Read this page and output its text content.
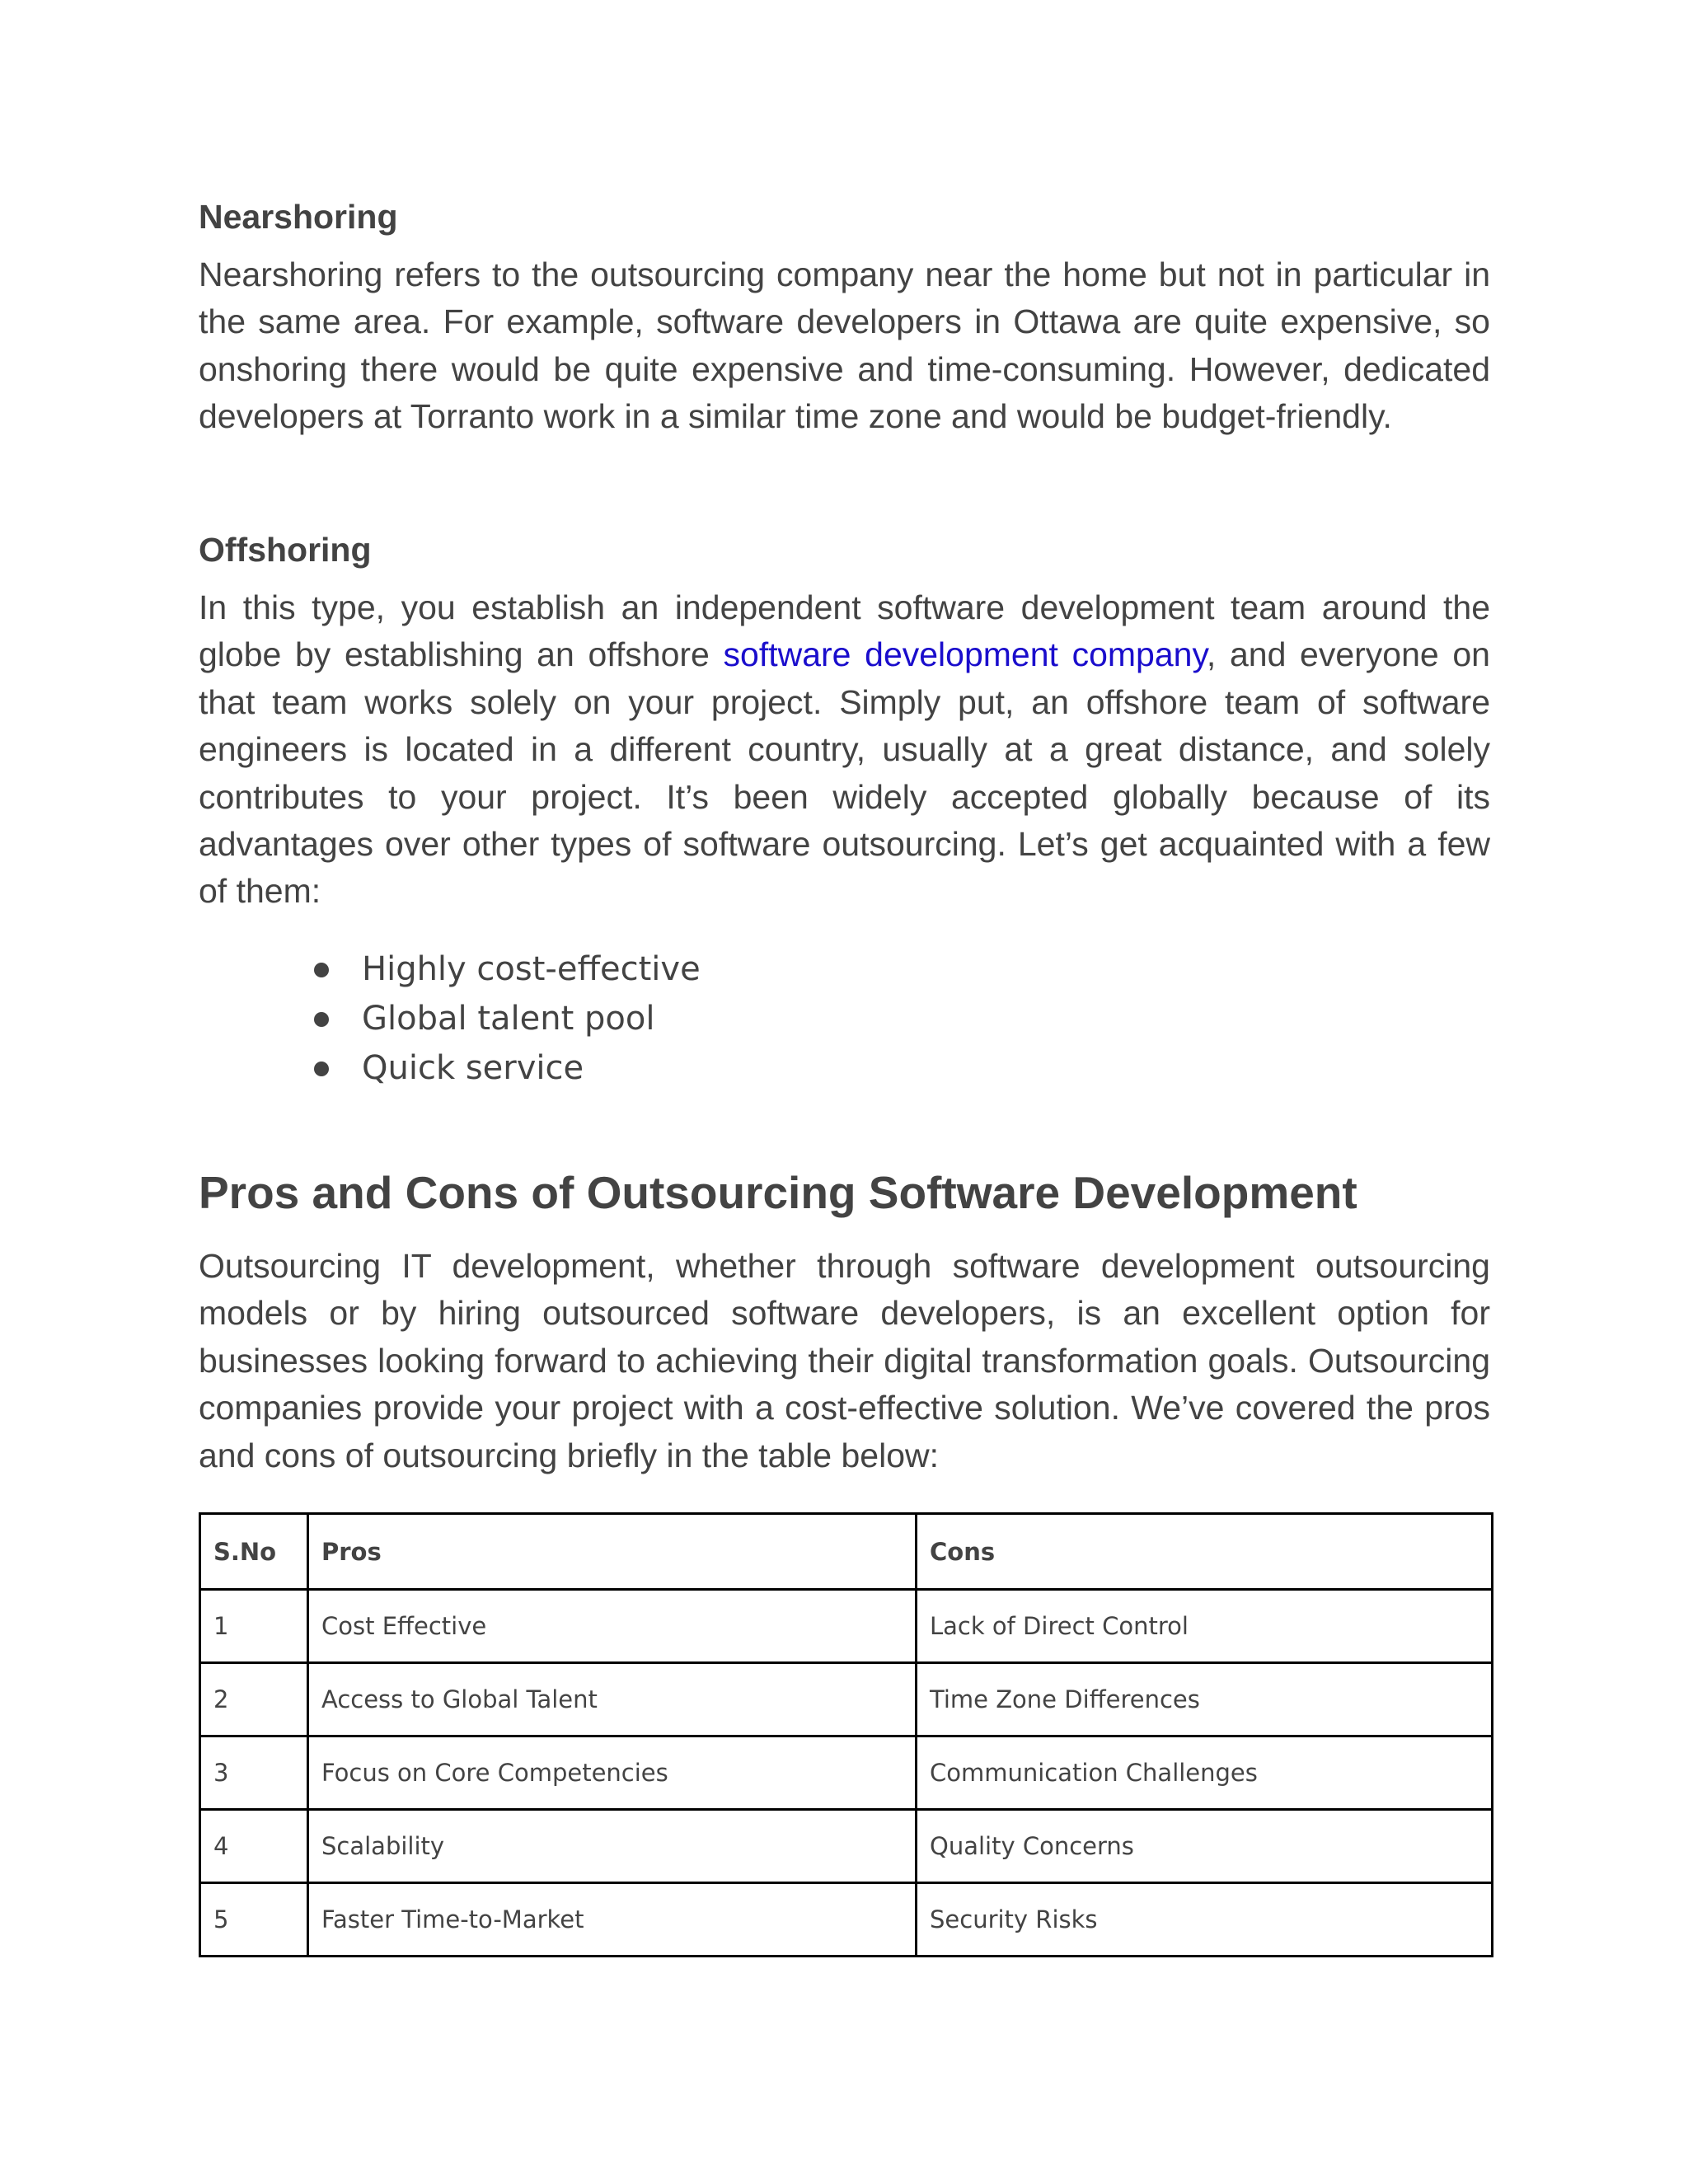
Nearshoring
Nearshoring refers to the outsourcing company near the home but not in particular in the same area. For example, software developers in Ottawa are quite expensive, so onshoring there would be quite expensive and time-consuming. However, dedicated developers at Torranto work in a similar time zone and would be budget-friendly.
Offshoring
In this type, you establish an independent software development team around the globe by establishing an offshore software development company, and everyone on that team works solely on your project. Simply put, an offshore team of software engineers is located in a different country, usually at a great distance, and solely contributes to your project. It’s been widely accepted globally because of its advantages over other types of software outsourcing. Let’s get acquainted with a few of them:
Highly cost-effective
Global talent pool
Quick service
Pros and Cons of Outsourcing Software Development
Outsourcing IT development, whether through software development outsourcing models or by hiring outsourced software developers, is an excellent option for businesses looking forward to achieving their digital transformation goals. Outsourcing companies provide your project with a cost-effective solution. We’ve covered the pros and cons of outsourcing briefly in the table below:
S.No	Pros	Cons
1	Cost Effective	Lack of Direct Control
2	Access to Global Talent	Time Zone Differences
3	Focus on Core Competencies	Communication Challenges
4	Scalability	Quality Concerns
5	Faster Time-to-Market	Security Risks
